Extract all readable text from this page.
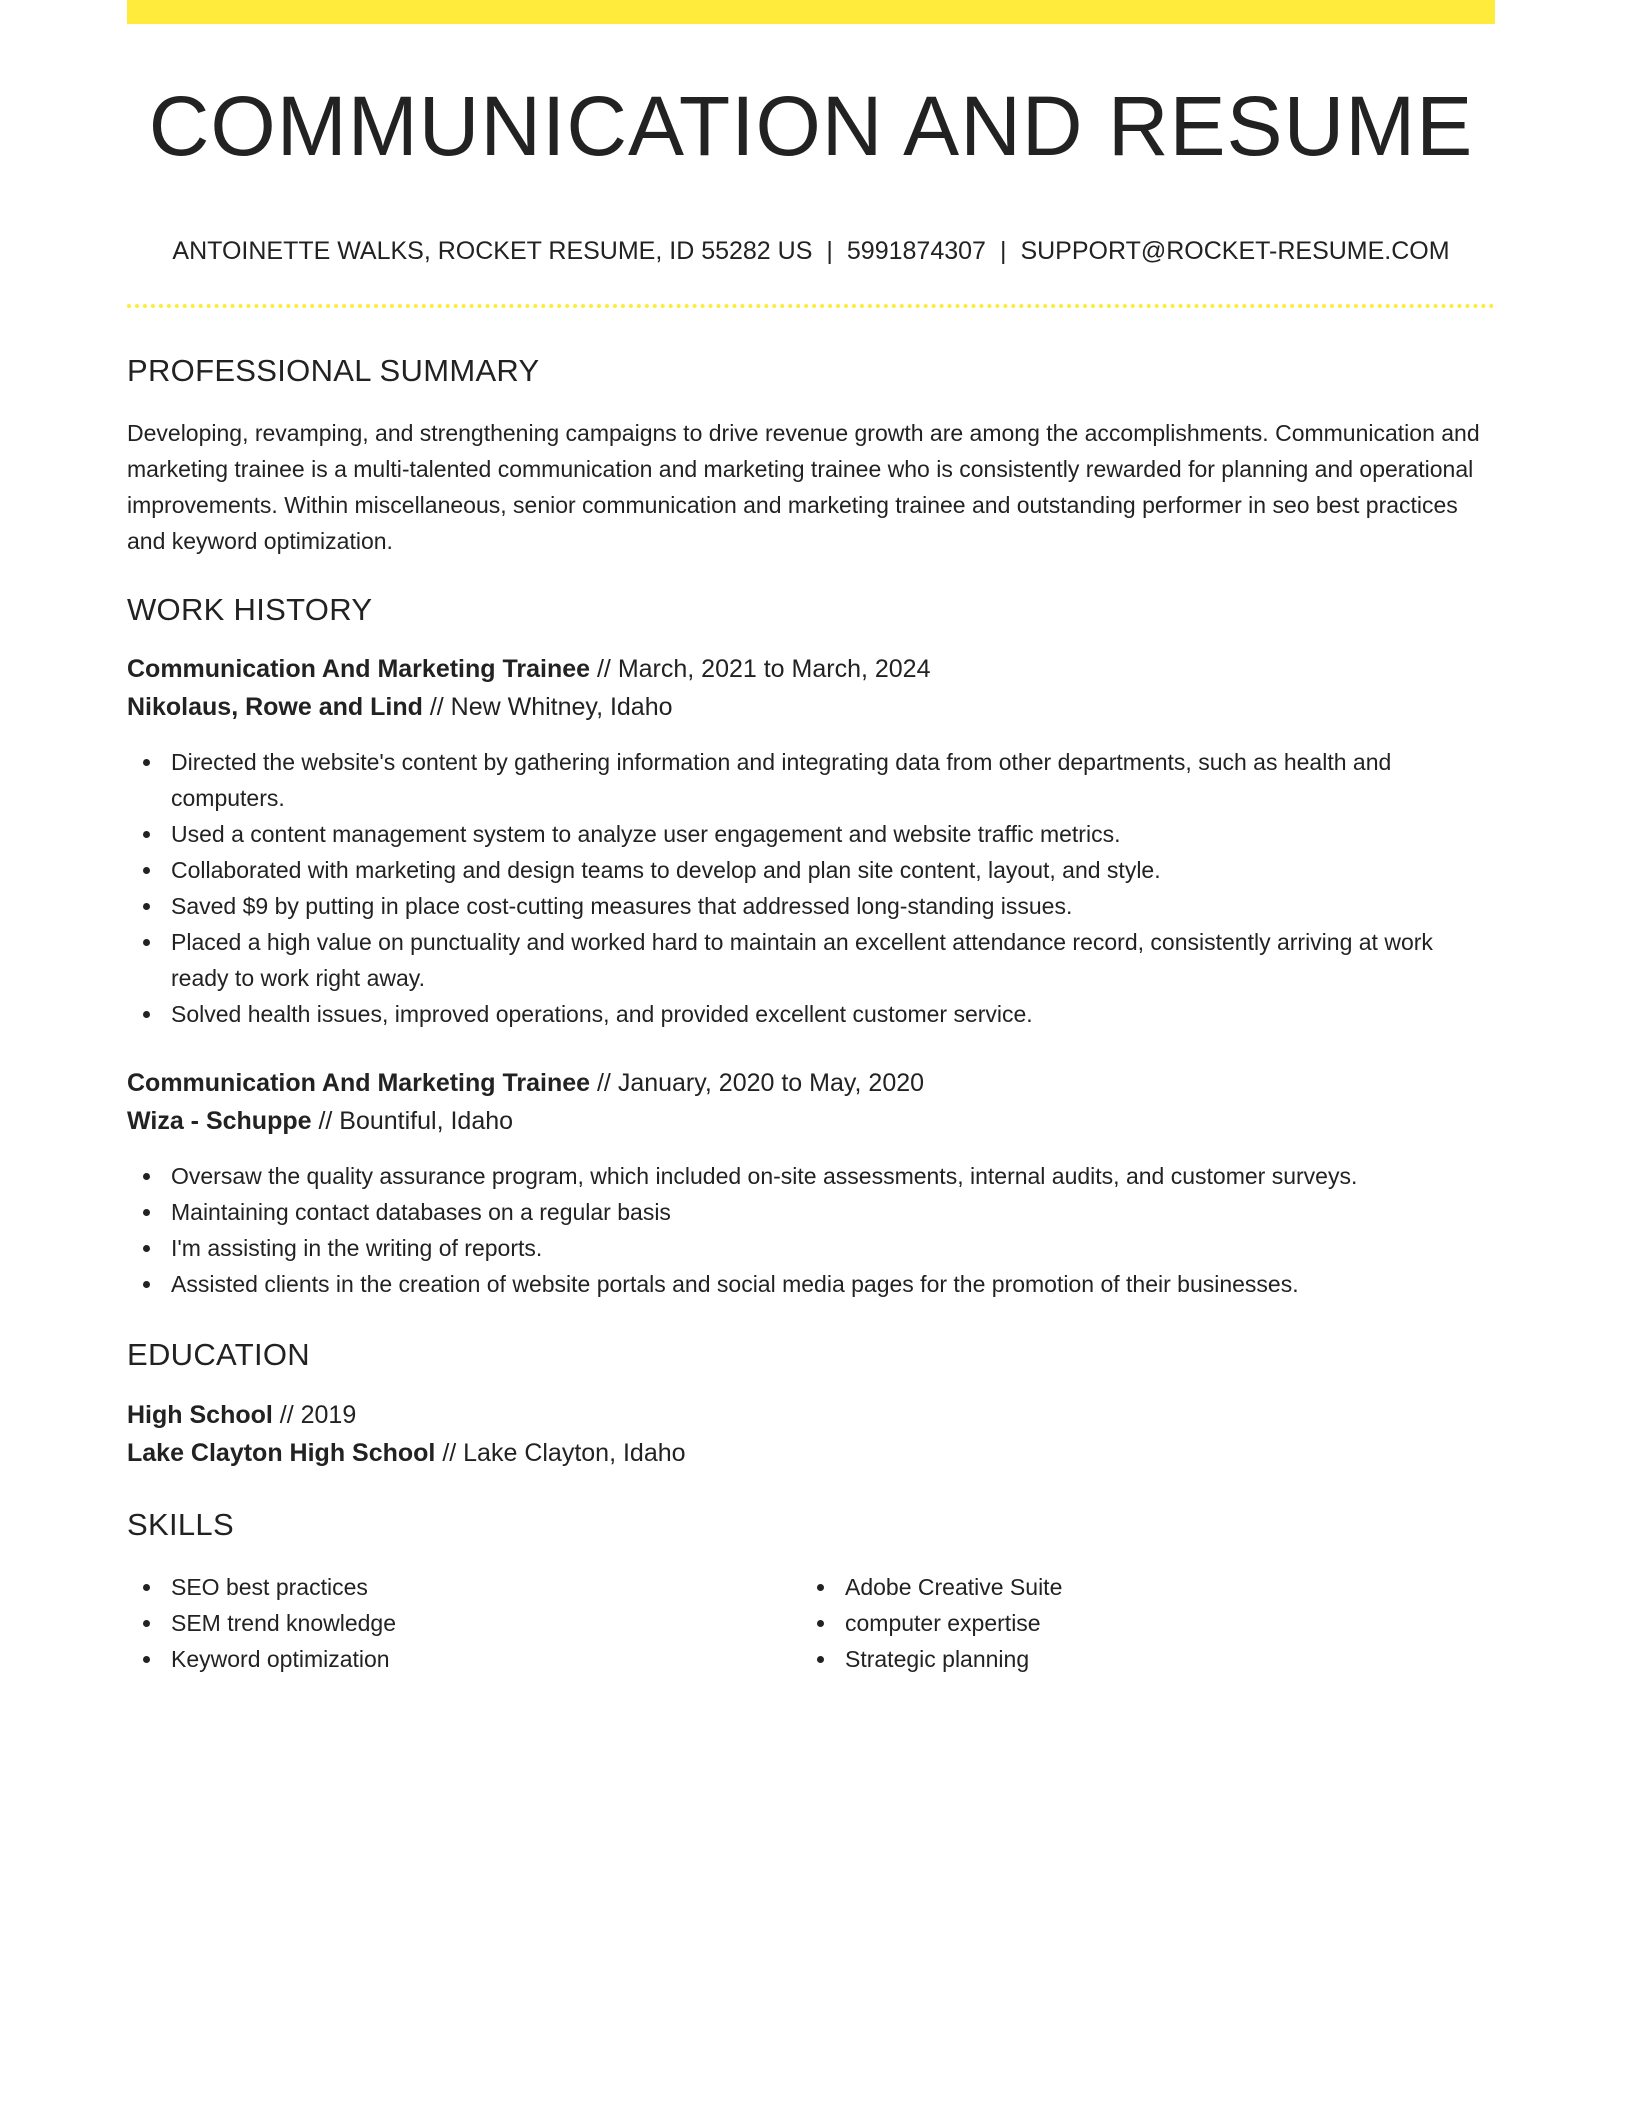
COMMUNICATION AND RESUME
ANTOINETTE WALKS, ROCKET RESUME, ID 55282 US | 5991874307 | SUPPORT@ROCKET-RESUME.COM
PROFESSIONAL SUMMARY

Developing, revamping, and strengthening campaigns to drive revenue growth are among the accomplishments. Communication and marketing trainee is a multi-talented communication and marketing trainee who is consistently rewarded for planning and operational improvements. Within miscellaneous, senior communication and marketing trainee and outstanding performer in seo best practices and keyword optimization.

WORK HISTORY
Communication And Marketing Trainee // March, 2021 to March, 2024
Nikolaus, Rowe and Lind // New Whitney, Idaho
Directed the website's content by gathering information and integrating data from other departments, such as health and computers.
Used a content management system to analyze user engagement and website traffic metrics.
Collaborated with marketing and design teams to develop and plan site content, layout, and style.
Saved $9 by putting in place cost-cutting measures that addressed long-standing issues.
Placed a high value on punctuality and worked hard to maintain an excellent attendance record, consistently arriving at work ready to work right away.
Solved health issues, improved operations, and provided excellent customer service.
Communication And Marketing Trainee // January, 2020 to May, 2020
Wiza - Schuppe // Bountiful, Idaho
Oversaw the quality assurance program, which included on-site assessments, internal audits, and customer surveys.
Maintaining contact databases on a regular basis
I'm assisting in the writing of reports.
Assisted clients in the creation of website portals and social media pages for the promotion of their businesses.
EDUCATION
High School // 2019
Lake Clayton High School // Lake Clayton, Idaho
SKILLS
SEO best practices
SEM trend knowledge
Keyword optimization
Adobe Creative Suite
computer expertise
Strategic planning
